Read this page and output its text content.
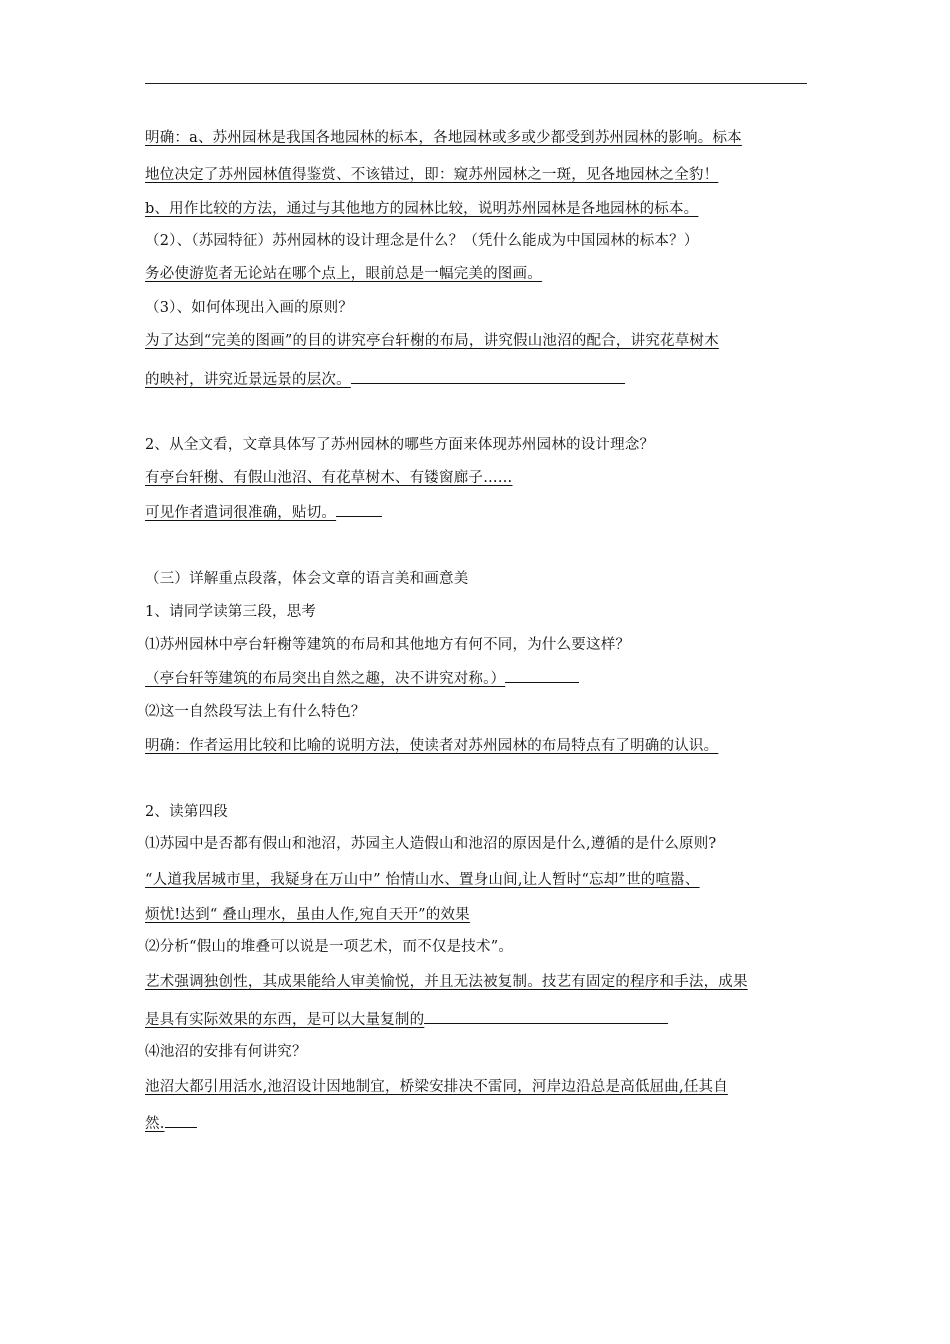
明确：a、苏州园林是我国各地园林的标本，各地园林或多或少都受到苏州园林的影响。标本
地位决定了苏州园林值得鉴赏、不该错过，即：窥苏州园林之一斑，见各地园林之全豹！
b、用作比较的方法，通过与其他地方的园林比较，说明苏州园林是各地园林的标本。
（2）、（苏园特征）苏州园林的设计理念是什么？（凭什么能成为中国园林的标本？）
务必使游览者无论站在哪个点上，眼前总是一幅完美的图画。
（3）、如何体现出入画的原则？
为了达到“完美的图画”的目的讲究亭台轩榭的布局，讲究假山池沼的配合，讲究花草树木
的映衬，讲究近景远景的层次。
2、从全文看，文章具体写了苏州园林的哪些方面来体现苏州园林的设计理念？
有亭台轩榭、有假山池沼、有花草树木、有镂窗廊子……
可见作者遣词很准确，贴切。
（三）详解重点段落，体会文章的语言美和画意美
1、请同学读第三段，思考
⑴苏州园林中亭台轩榭等建筑的布局和其他地方有何不同，为什么要这样？
（亭台轩等建筑的布局突出自然之趣，决不讲究对称。）
⑵这一自然段写法上有什么特色？
明确：作者运用比较和比喻的说明方法，使读者对苏州园林的布局特点有了明确的认识。
2、读第四段
⑴苏园中是否都有假山和池沼，苏园主人造假山和池沼的原因是什么,遵循的是什么原则?
“人道我居城市里，我疑身在万山中” 怡情山水、置身山间,让人暂时“忘却”世的喧嚣、
烦忧!达到“ 叠山理水，虽由人作,宛自天开”的效果
⑵分析“假山的堆叠可以说是一项艺术，而不仅是技术”。
艺术强调独创性，其成果能给人审美愉悦，并且无法被复制。技艺有固定的程序和手法，成果
是具有实际效果的东西，是可以大量复制的
⑷池沼的安排有何讲究？
池沼大都引用活水,池沼设计因地制宜，桥梁安排决不雷同，河岸边沿总是高低屈曲,任其自
然.
